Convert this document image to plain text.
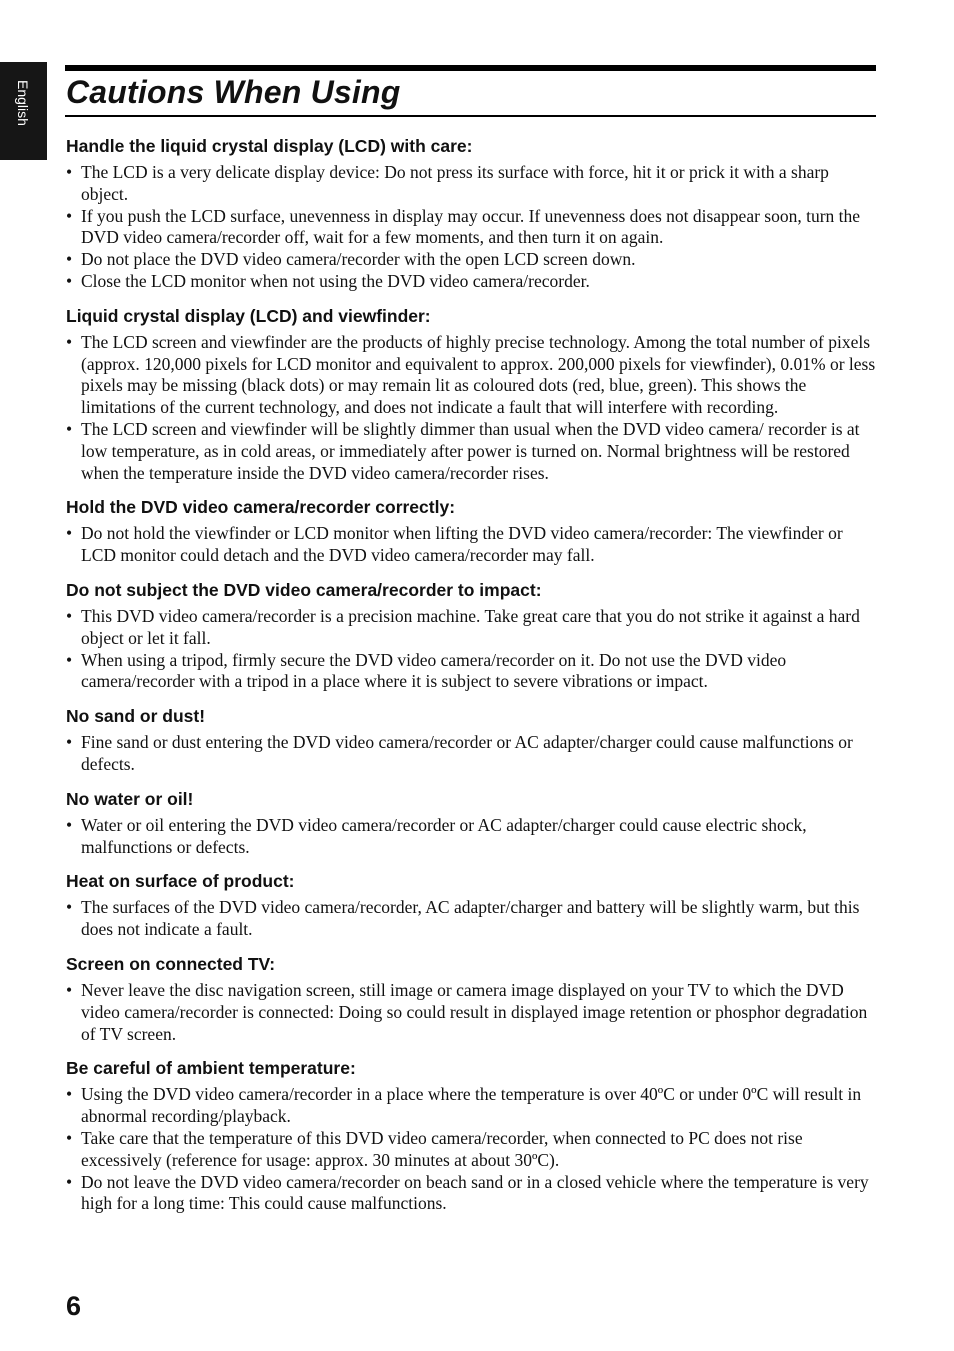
English Cautions When Using
Handle the liquid crystal display (LCD) with care:
• The LCD is a very delicate display device: Do not press its surface with force, hit it or prick it with a sharp object.
• If you push the LCD surface, unevenness in display may occur. If unevenness does not disappear soon, turn the DVD video camera/recorder off, wait for a few moments, and then turn it on again.
• Do not place the DVD video camera/recorder with the open LCD screen down.
• Close the LCD monitor when not using the DVD video camera/recorder.
Liquid crystal display (LCD) and viewfinder:
• The LCD screen and viewfinder are the products of highly precise technology. Among the total number of pixels (approx. 120,000 pixels for LCD monitor and equivalent to approx. 200,000 pixels for viewfinder), 0.01% or less pixels may be missing (black dots) or may remain lit as coloured dots (red, blue, green). This shows the limitations of the current technology, and does not indicate a fault that will interfere with recording.
• The LCD screen and viewfinder will be slightly dimmer than usual when the DVD video camera/ recorder is at low temperature, as in cold areas, or immediately after power is turned on. Normal brightness will be restored when the temperature inside the DVD video camera/recorder rises.
Hold the DVD video camera/recorder correctly:
• Do not hold the viewfinder or LCD monitor when lifting the DVD video camera/recorder: The viewfinder or LCD monitor could detach and the DVD video camera/recorder may fall.
Do not subject the DVD video camera/recorder to impact:
• This DVD video camera/recorder is a precision machine. Take great care that you do not strike it against a hard object or let it fall.
• When using a tripod, firmly secure the DVD video camera/recorder on it. Do not use the DVD video camera/recorder with a tripod in a place where it is subject to severe vibrations or impact.
No sand or dust!
• Fine sand or dust entering the DVD video camera/recorder or AC adapter/charger could cause malfunctions or defects.
No water or oil!
• Water or oil entering the DVD video camera/recorder or AC adapter/charger could cause electric shock, malfunctions or defects.
Heat on surface of product:
• The surfaces of the DVD video camera/recorder, AC adapter/charger and battery will be slightly warm, but this does not indicate a fault.
Screen on connected TV:
• Never leave the disc navigation screen, still image or camera image displayed on your TV to which the DVD video camera/recorder is connected: Doing so could result in displayed image retention or phosphor degradation of TV screen.
Be careful of ambient temperature:
• Using the DVD video camera/recorder in a place where the temperature is over 40ºC or under 0ºC will result in abnormal recording/playback.
• Take care that the temperature of this DVD video camera/recorder, when connected to PC does not rise excessively (reference for usage: approx. 30 minutes at about 30ºC).
• Do not leave the DVD video camera/recorder on beach sand or in a closed vehicle where the temperature is very high for a long time: This could cause malfunctions.
6
